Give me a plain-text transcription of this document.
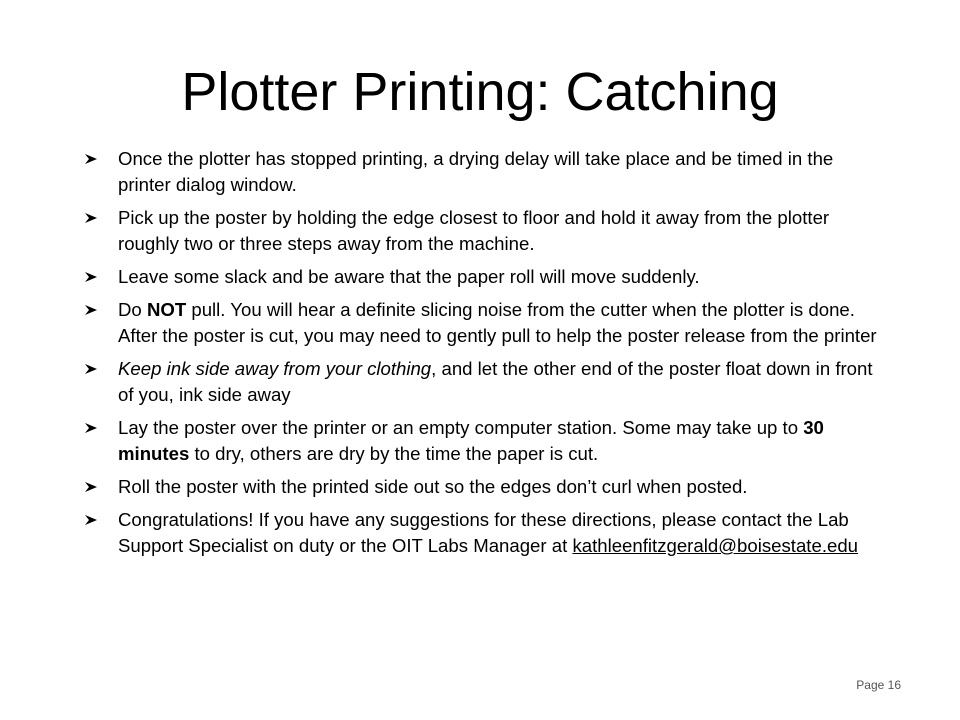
Plotter Printing: Catching
Once the plotter has stopped printing, a drying delay will take place and be timed in the printer dialog window.
Pick up the poster by holding the edge closest to floor and hold it away from the plotter roughly two or three steps away from the machine.
Leave some slack and be aware that the paper roll will move suddenly.
Do NOT pull. You will hear a definite slicing noise from the cutter when the plotter is done. After the poster is cut, you may need to gently pull to help the poster release from the printer
Keep ink side away from your clothing, and let the other end of the poster float down in front of you, ink side away
Lay the poster over the printer or an empty computer station. Some may take up to 30 minutes to dry, others are dry by the time the paper is cut.
Roll the poster with the printed side out so the edges don’t curl when posted.
Congratulations! If you have any suggestions for these directions, please contact the Lab Support Specialist on duty or the OIT Labs Manager at kathleenfitzgerald@boisestate.edu
Page 16
